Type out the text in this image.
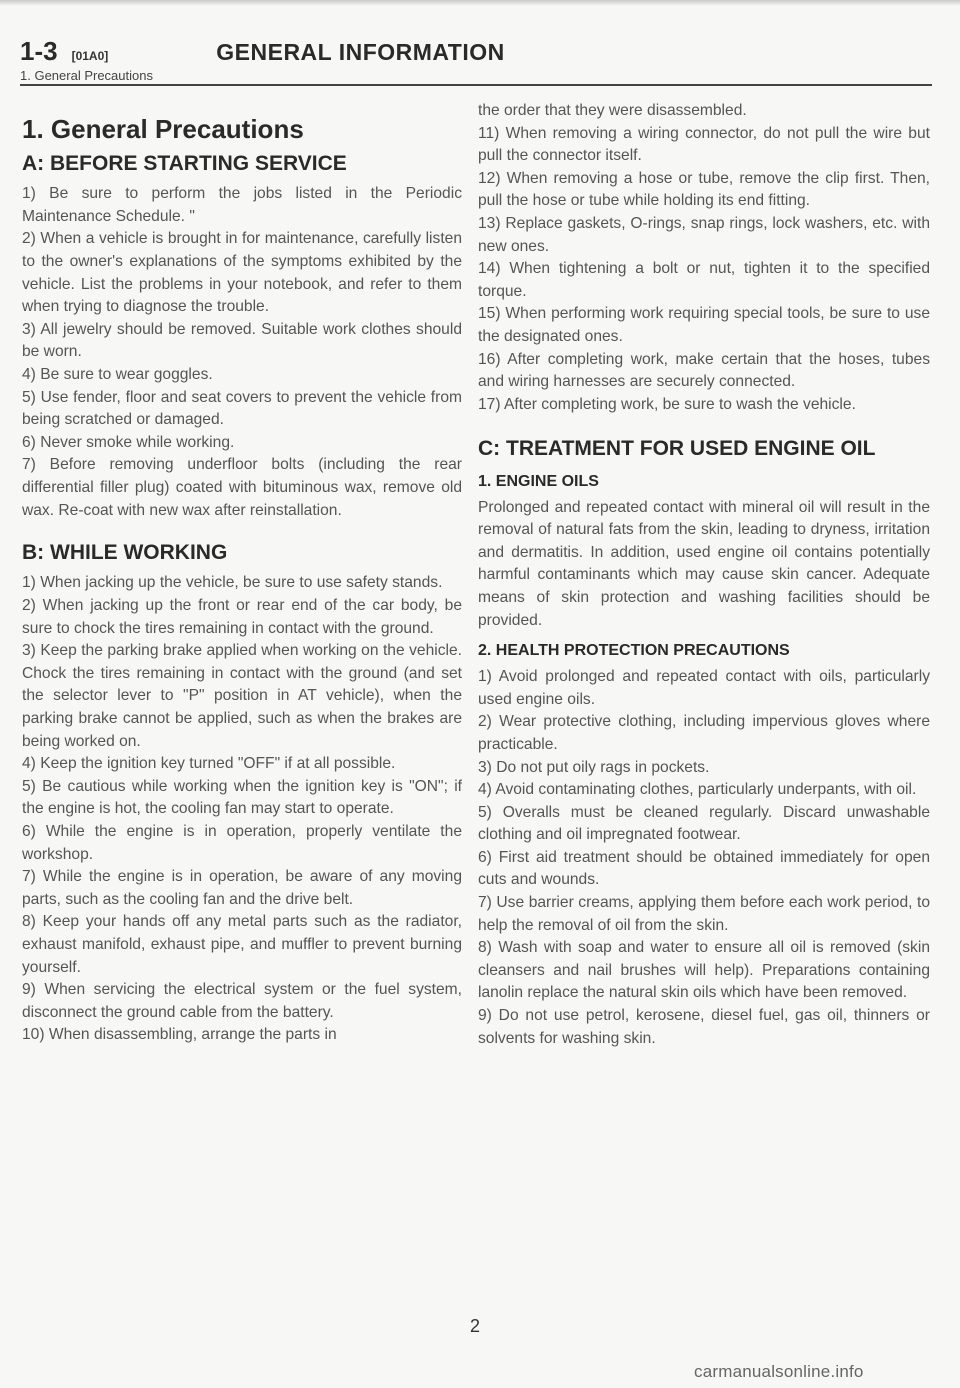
1-3 [01A0]	GENERAL INFORMATION
1. General Precautions
1. General Precautions
A: BEFORE STARTING SERVICE

1) Be sure to perform the jobs listed in the Periodic Maintenance Schedule. "

2) When a vehicle is brought in for maintenance, carefully listen to the owner's explanations of the symptoms exhibited by the vehicle. List the problems in your notebook, and refer to them when trying to diagnose the trouble.

3) All jewelry should be removed. Suitable work clothes should be worn.

4) Be sure to wear goggles.

5) Use fender, floor and seat covers to prevent the vehicle from being scratched or damaged.

6) Never smoke while working.

7) Before removing underfloor bolts (including the rear differential filler plug) coated with bituminous wax, remove old wax. Re-coat with new wax after reinstallation.

B: WHILE WORKING

1) When jacking up the vehicle, be sure to use safety stands.

2) When jacking up the front or rear end of the car body, be sure to chock the tires remaining in contact with the ground.

3) Keep the parking brake applied when working on the vehicle. Chock the tires remaining in contact with the ground (and set the selector lever to "P" position in AT vehicle), when the parking brake cannot be applied, such as when the brakes are being worked on.

4) Keep the ignition key turned "OFF" if at all possible.

5) Be cautious while working when the ignition key is "ON"; if the engine is hot, the cooling fan may start to operate.

6) While the engine is in operation, properly ventilate the workshop.

7) While the engine is in operation, be aware of any moving parts, such as the cooling fan and the drive belt.

8) Keep your hands off any metal parts such as the radiator, exhaust manifold, exhaust pipe, and muffler to prevent burning yourself.

9) When servicing the electrical system or the fuel system, disconnect the ground cable from the battery.

10) When disassembling, arrange the parts in

the order that they were disassembled.

11) When removing a wiring connector, do not pull the wire but pull the connector itself.

12) When removing a hose or tube, remove the clip first. Then, pull the hose or tube while holding its end fitting.

13) Replace gaskets, O-rings, snap rings, lock washers, etc. with new ones.

14) When tightening a bolt or nut, tighten it to the specified torque.

15) When performing work requiring special tools, be sure to use the designated ones.

16) After completing work, make certain that the hoses, tubes and wiring harnesses are securely connected.

17) After completing work, be sure to wash the vehicle.

C: TREATMENT FOR USED ENGINE OIL
1. ENGINE OILS

Prolonged and repeated contact with mineral oil will result in the removal of natural fats from the skin, leading to dryness, irritation and dermatitis. In addition, used engine oil contains potentially harmful contaminants which may cause skin cancer. Adequate means of skin protection and washing facilities should be provided.

2. HEALTH PROTECTION PRECAUTIONS

1) Avoid prolonged and repeated contact with oils, particularly used engine oils.

2) Wear protective clothing, including impervious gloves where practicable.

3) Do not put oily rags in pockets.

4) Avoid contaminating clothes, particularly underpants, with oil.

5) Overalls must be cleaned regularly. Discard unwashable clothing and oil impregnated footwear.

6) First aid treatment should be obtained immediately for open cuts and wounds.

7) Use barrier creams, applying them before each work period, to help the removal of oil from the skin.

8) Wash with soap and water to ensure all oil is removed (skin cleansers and nail brushes will help). Preparations containing lanolin replace the natural skin oils which have been removed.

9) Do not use petrol, kerosene, diesel fuel, gas oil, thinners or solvents for washing skin.

2
carmanualsonline.info
